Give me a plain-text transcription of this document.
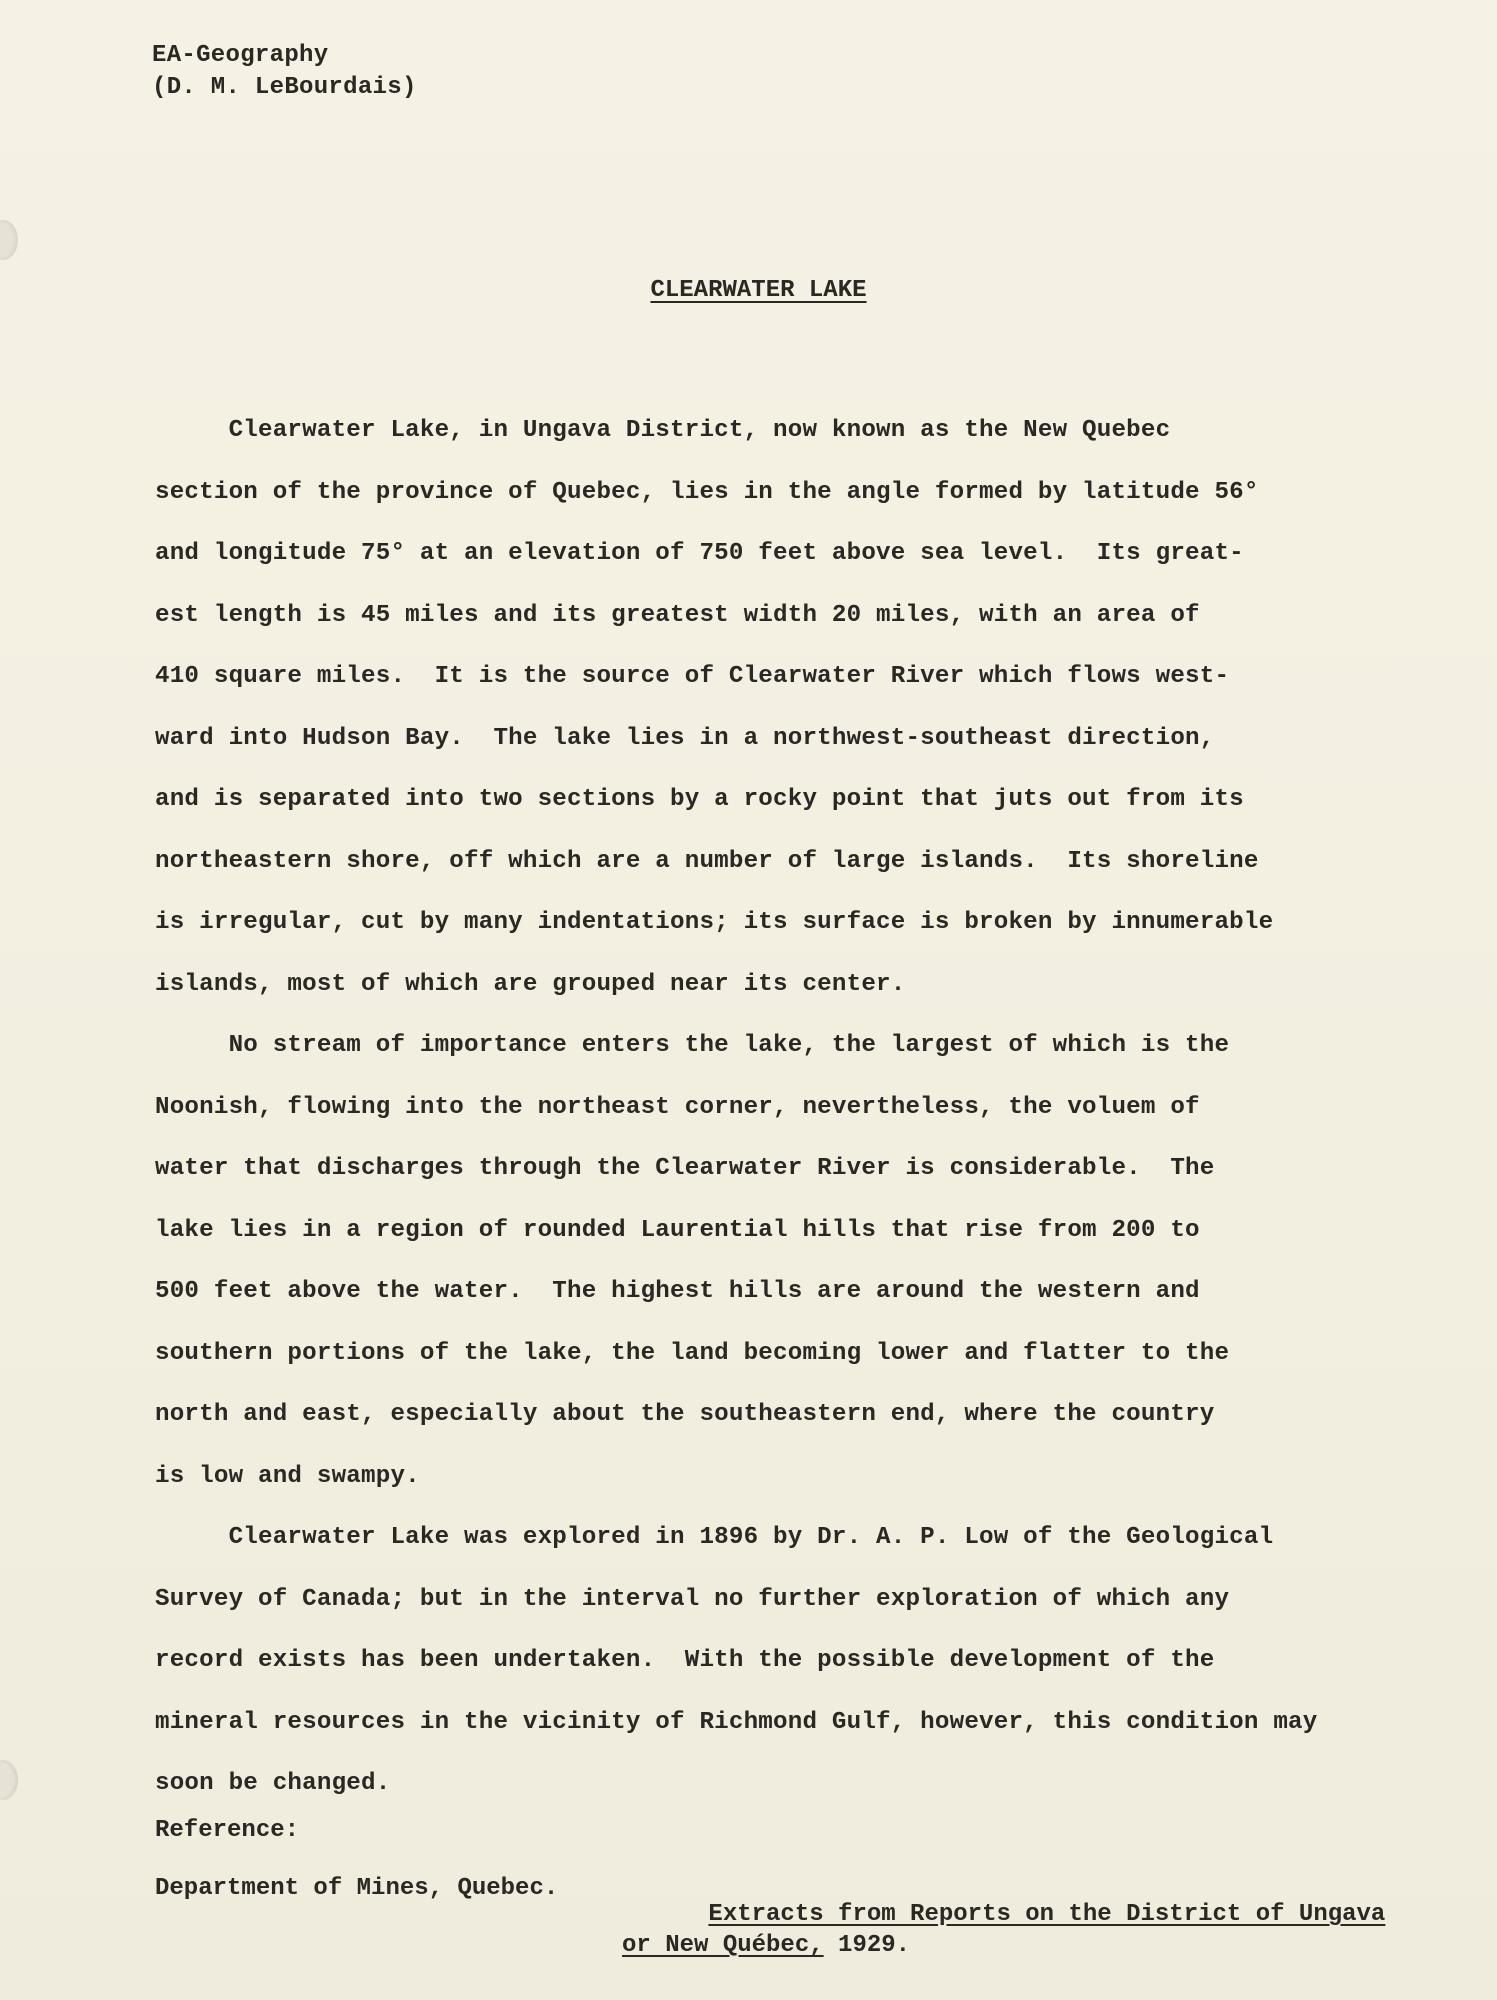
EA-Geography
(D. M. LeBourdais)
CLEARWATER LAKE
Clearwater Lake, in Ungava District, now known as the New Quebec
section of the province of Quebec, lies in the angle formed by latitude 56°
and longitude 75° at an elevation of 750 feet above sea level.  Its great-
est length is 45 miles and its greatest width 20 miles, with an area of
410 square miles.  It is the source of Clearwater River which flows west-
ward into Hudson Bay.  The lake lies in a northwest-southeast direction,
and is separated into two sections by a rocky point that juts out from its
northeastern shore, off which are a number of large islands.  Its shoreline
is irregular, cut by many indentations; its surface is broken by innumerable
islands, most of which are grouped near its center.
No stream of importance enters the lake, the largest of which is the
Noonish, flowing into the northeast corner, nevertheless, the voluem of
water that discharges through the Clearwater River is considerable.  The
lake lies in a region of rounded Laurential hills that rise from 200 to
500 feet above the water.  The highest hills are around the western and
southern portions of the lake, the land becoming lower and flatter to the
north and east, especially about the southeastern end, where the country
is low and swampy.
Clearwater Lake was explored in 1896 by Dr. A. P. Low of the Geological
Survey of Canada; but in the interval no further exploration of which any
record exists has been undertaken.  With the possible development of the
mineral resources in the vicinity of Richmond Gulf, however, this condition may
soon be changed.
Reference:
Department of Mines, Quebec.

Extracts from Reports on the District of Ungava
or New Québec, 1929.
